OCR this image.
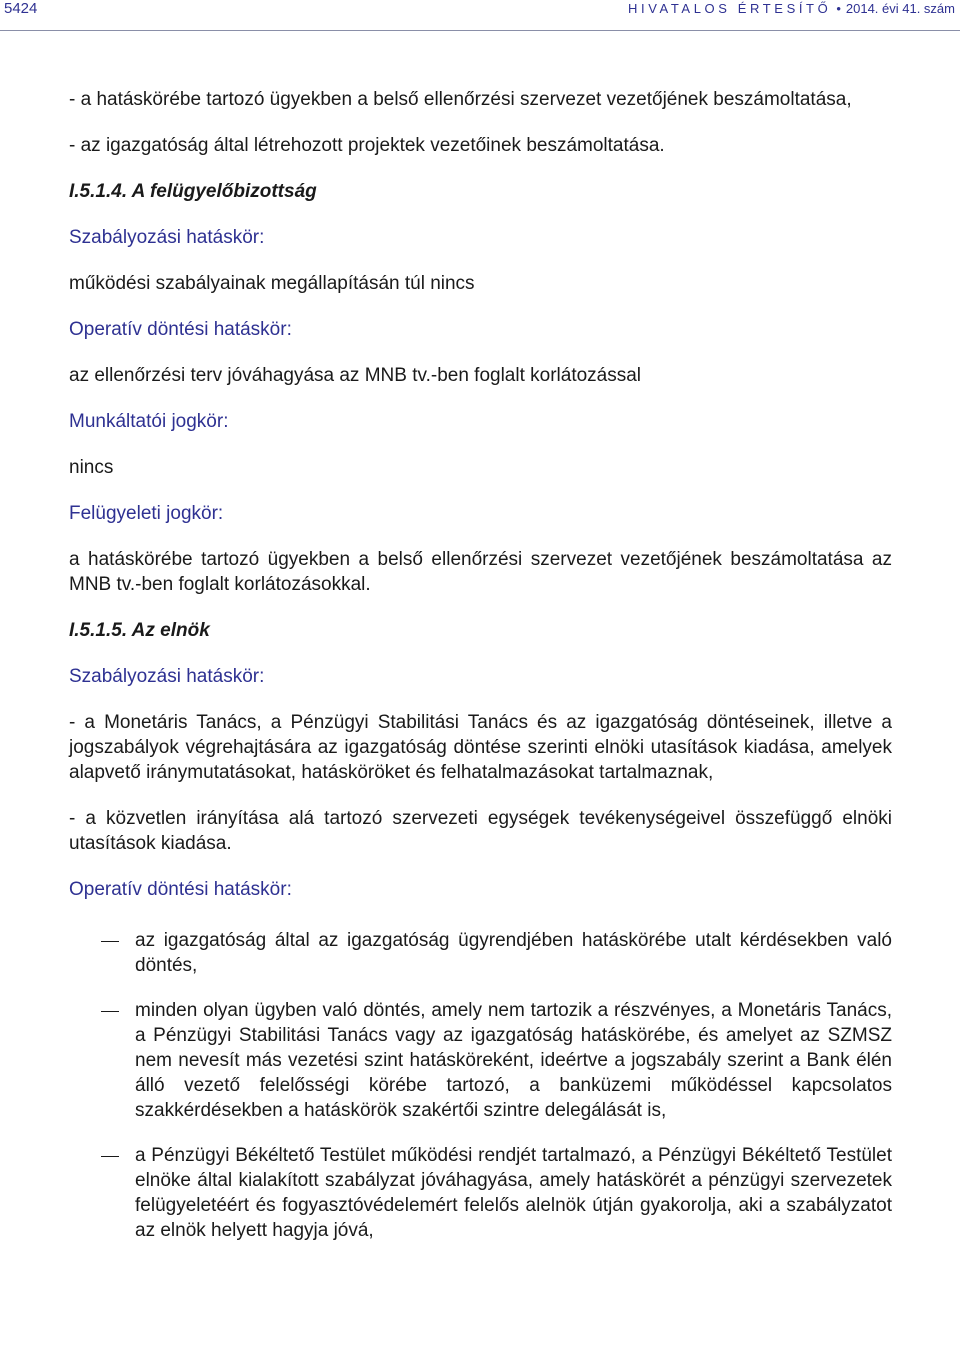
5424	HIVATALOS ÉRTESÍTŐ • 2014. évi 41. szám

- a hatáskörébe tartozó ügyekben a belső ellenőrzési szervezet vezetőjének beszámoltatása,

- az igazgatóság által létrehozott projektek vezetőinek beszámoltatása.

I.5.1.4. A felügyelőbizottság

Szabályozási hatáskör:

működési szabályainak megállapításán túl nincs

Operatív döntési hatáskör:

az ellenőrzési terv jóváhagyása az MNB tv.-ben foglalt korlátozással

Munkáltatói jogkör:

nincs

Felügyeleti jogkör:

a hatáskörébe tartozó ügyekben a belső ellenőrzési szervezet vezetőjének beszámoltatása az MNB tv.-ben foglalt korlátozásokkal.

I.5.1.5. Az elnök

Szabályozási hatáskör:

- a Monetáris Tanács, a Pénzügyi Stabilitási Tanács és az igazgatóság döntéseinek, illetve a jogszabályok végrehajtására az igazgatóság döntése szerinti elnöki utasítások kiadása, amelyek alapvető iránymutatásokat, hatásköröket és felhatalmazásokat tartalmaznak,

- a közvetlen irányítása alá tartozó szervezeti egységek tevékenységeivel összefüggő elnöki utasítások kiadása.

Operatív döntési hatáskör:

az igazgatóság által az igazgatóság ügyrendjében hatáskörébe utalt kérdésekben való döntés,
minden olyan ügyben való döntés, amely nem tartozik a részvényes, a Monetáris Tanács, a Pénzügyi Stabilitási Tanács vagy az igazgatóság hatáskörébe, és amelyet az SZMSZ nem nevesít más vezetési szint hatásköreként, ideértve a jogszabály szerint a Bank élén álló vezető felelősségi körébe tartozó, a banküzemi működéssel kapcsolatos szakkérdésekben a hatáskörök szakértői szintre delegálását is,
a Pénzügyi Békéltető Testület működési rendjét tartalmazó, a Pénzügyi Békéltető Testület elnöke által kialakított szabályzat jóváhagyása, amely hatáskörét a pénzügyi szervezetek felügyeletéért és fogyasztóvédelemért felelős alelnök útján gyakorolja, aki a szabályzatot az elnök helyett hagyja jóvá,
